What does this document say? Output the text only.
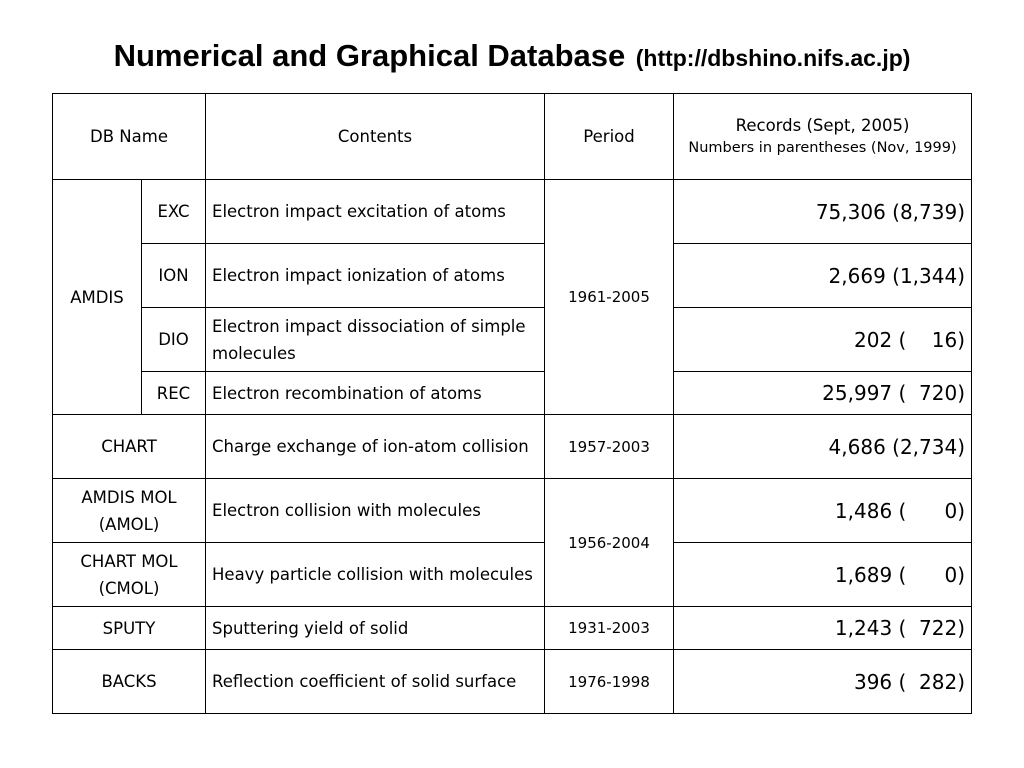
Numerical and Graphical Database (http://dbshino.nifs.ac.jp)
DB Name		Contents	Period	Records (Sept, 2005)
Numbers in parentheses (Nov, 1999)

AMDIS	EXC	Electron impact excitation of atoms	1961-2005	75,306 (8,739)
	ION	Electron impact ionization of atoms		2,669 (1,344)
	DIO	Electron impact dissociation of simple molecules		202 (    16)
	REC	Electron recombination of atoms		25,997 (  720)
CHART		Charge exchange of ion-atom collision	1957-2003	4,686 (2,734)
AMDIS MOL (AMOL)		Electron collision with molecules	1956-2004	1,486 (      0)
CHART MOL (CMOL)		Heavy particle collision with molecules		1,689 (      0)
SPUTY		Sputtering yield of solid	1931-2003	1,243 (  722)
BACKS		Reflection coefficient of solid surface	1976-1998	396 (  282)
